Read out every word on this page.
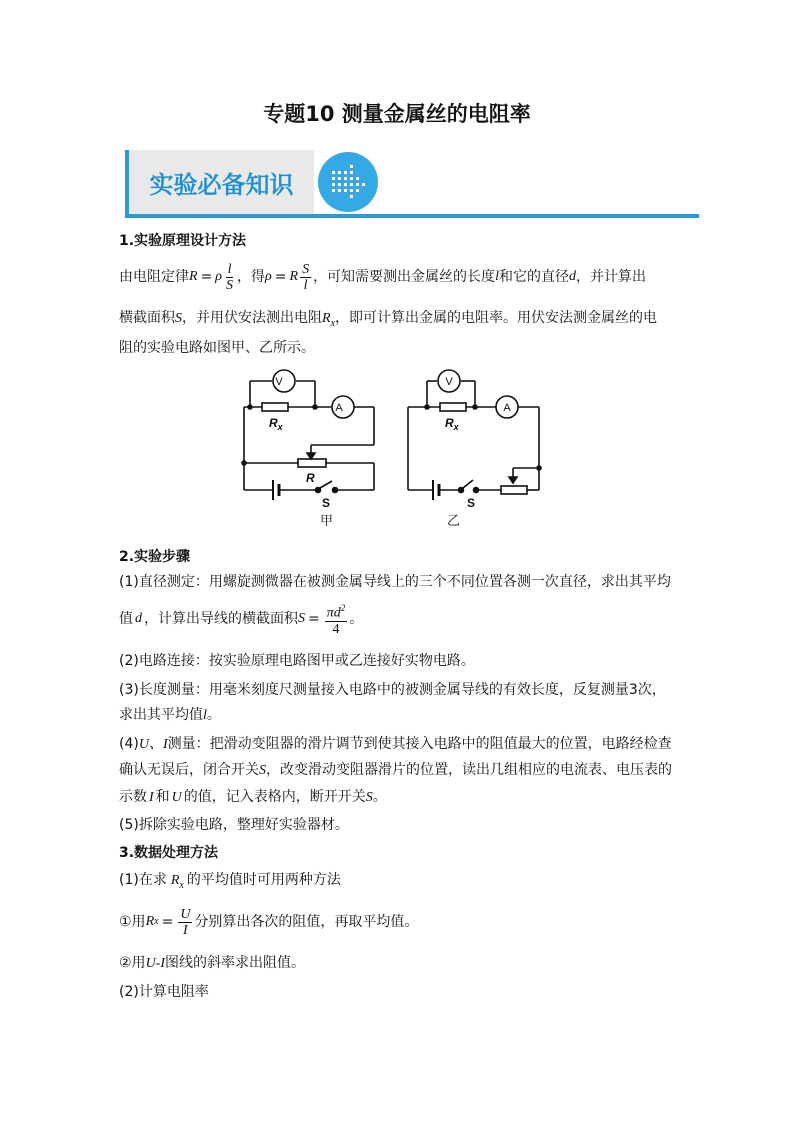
专题10 测量金属丝的电阻率
实验必备知识
1.实验原理设计方法
由电阻定律 R = ρ $\frac{l}{S}$ ，得 ρ = R $\frac{S}{l}$ ，可知需要测出金属丝的长度 l 和它的直径 d ，并计算出
横截面积S，并用伏安法测出电阻$R_x$，即可计算出金属的电阻率。用伏安法测金属丝的电
阻的实验电路如图甲、乙所示。
2.实验步骤
(1)直径测定：用螺旋测微器在被测金属导线上的三个不同位置各测一次直径，求出其平均
值 d ，计算出导线的横截面积 $S = \frac{\pi d^2}{4}$ 。
(2)电路连接：按实验原理电路图甲或乙连接好实物电路。
(3)长度测量：用毫米刻度尺测量接入电路中的被测金属导线的有效长度，反复测量3次，
求出其平均值l。
(4)U、I测量：把滑动变阻器的滑片调节到使其接入电路中的阻值最大的位置，电路经检查
确认无误后，闭合开关S，改变滑动变阻器滑片的位置，读出几组相应的电流表、电压表的
示数 I 和 U 的值，记入表格内，断开开关S。
(5)拆除实验电路，整理好实验器材。
3.数据处理方法
(1)在求 $R_x$ 的平均值时可用两种方法
①用 R $x = \frac{U}{I}$ 分别算出各次的阻值，再取平均值。
②用U-I图线的斜率求出阻值。
(2)计算电阻率
V
A
$R_x$
R
S
甲
V
A
$R_x$
S
乙
